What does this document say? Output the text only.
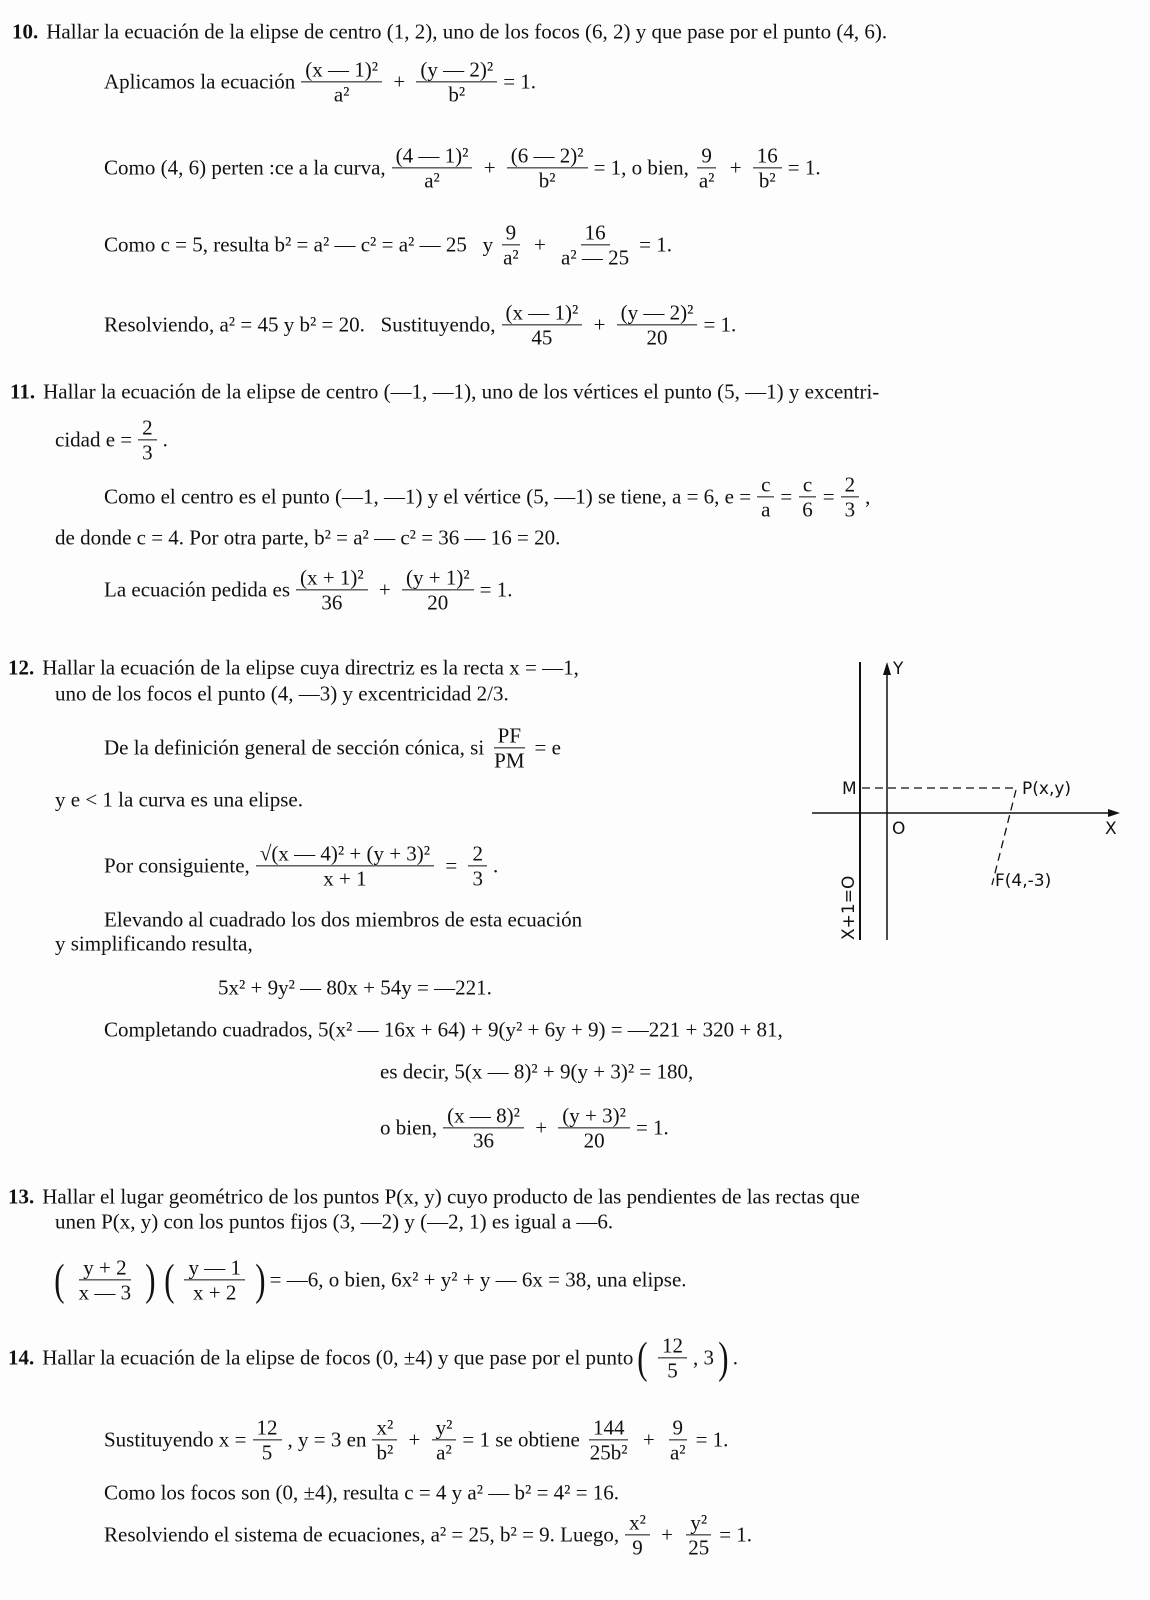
10. Hallar la ecuación de la elipse de centro (1, 2), uno de los focos (6, 2) y que pase por el punto (4, 6).
Aplicamos la ecuación $\frac{\text{(x — 1)²}}{\text{a²}} + \frac{\text{(y — 2)²}}{\text{b²}} = 1$.
Como (4, 6) perten :ce a la curva, $\frac{\text{(4 — 1)²}}{\text{a²}} + \frac{\text{(6 — 2)²}}{\text{b²}} = 1$, o bien, $\frac{9}{\text{a²}} + \frac{16}{\text{b²}} = 1$.
Como c = 5, resulta b² = a² — c² = a² — 25   y $\frac{9}{\text{a²}} + \frac{16}{\text{a² — 25}} = 1$.
Resolviendo, a² = 45 y b² = 20.   Sustituyendo, $\frac{\text{(x — 1)²}}{45} + \frac{\text{(y — 2)²}}{20} = 1$.
11. Hallar la ecuación de la elipse de centro (—1, —1), uno de los vértices el punto (5, —1) y excentri-
cidad $e = \frac{2}{3}$ .
Como el centro es el punto (—1, —1) y el vértice (5, —1) se tiene, a = 6, $e = \frac{c}{a} = \frac{c}{6} = \frac{2}{3}$ ,
de donde c = 4. Por otra parte, b² = a² — c² = 36 — 16 = 20.
La ecuación pedida es $\frac{\text{(x + 1)²}}{36} + \frac{\text{(y + 1)²}}{20} = 1$.
12. Hallar la ecuación de la elipse cuya directriz es la recta x = —1,
uno de los focos el punto (4, —3) y excentricidad 2/3.
De la definición general de sección cónica, si $\frac{PF}{PM} = e$
y e < 1 la curva es una elipse.
Por consiguiente, $\frac{\text{√(x — 4)² + (y + 3)²}}{x + 1} = \frac{2}{3}$ .
Elevando al cuadrado los dos miembros de esta ecuación
y simplificando resulta,
5x² + 9y² — 80x + 54y = —221.
Completando cuadrados, 5(x² — 16x + 64) + 9(y² + 6y + 9) = —221 + 320 + 81,
es decir, 5(x — 8)² + 9(y + 3)² = 180,
o bien, $\frac{\text{(x — 8)²}}{36} + \frac{\text{(y + 3)²}}{20} = 1$.
Y
X
M	P(x,y)
O
F(4,-3)
X+1=O
13. Hallar el lugar geométrico de los puntos P(x, y) cuyo producto de las pendientes de las rectas que
unen P(x, y) con los puntos fijos (3, —2) y (—2, 1) es igual a —6.
( $\frac{y + 2}{x — 3}$ ) ( $\frac{y — 1}{x + 2}$ ) = —6, o bien, 6x² + y² + y — 6x = 38, una elipse.
14. Hallar la ecuación de la elipse de focos (0, ±4) y que pase por el punto ( $\frac{12}{5}$ , 3 ) .
Sustituyendo $x = \frac{12}{5}$ , y = 3 en $\frac{\text{x²}}{\text{b²}} + \frac{\text{y²}}{\text{a²}} = 1$ se obtiene $\frac{144}{\text{25b²}} + \frac{9}{\text{a²}} = 1$.
Como los focos son (0, ±4), resulta c = 4 y a² — b² = 4² = 16.
Resolviendo el sistema de ecuaciones, a² = 25, b² = 9. Luego, $\frac{\text{x²}}{9} + \frac{\text{y²}}{25} = 1$.
